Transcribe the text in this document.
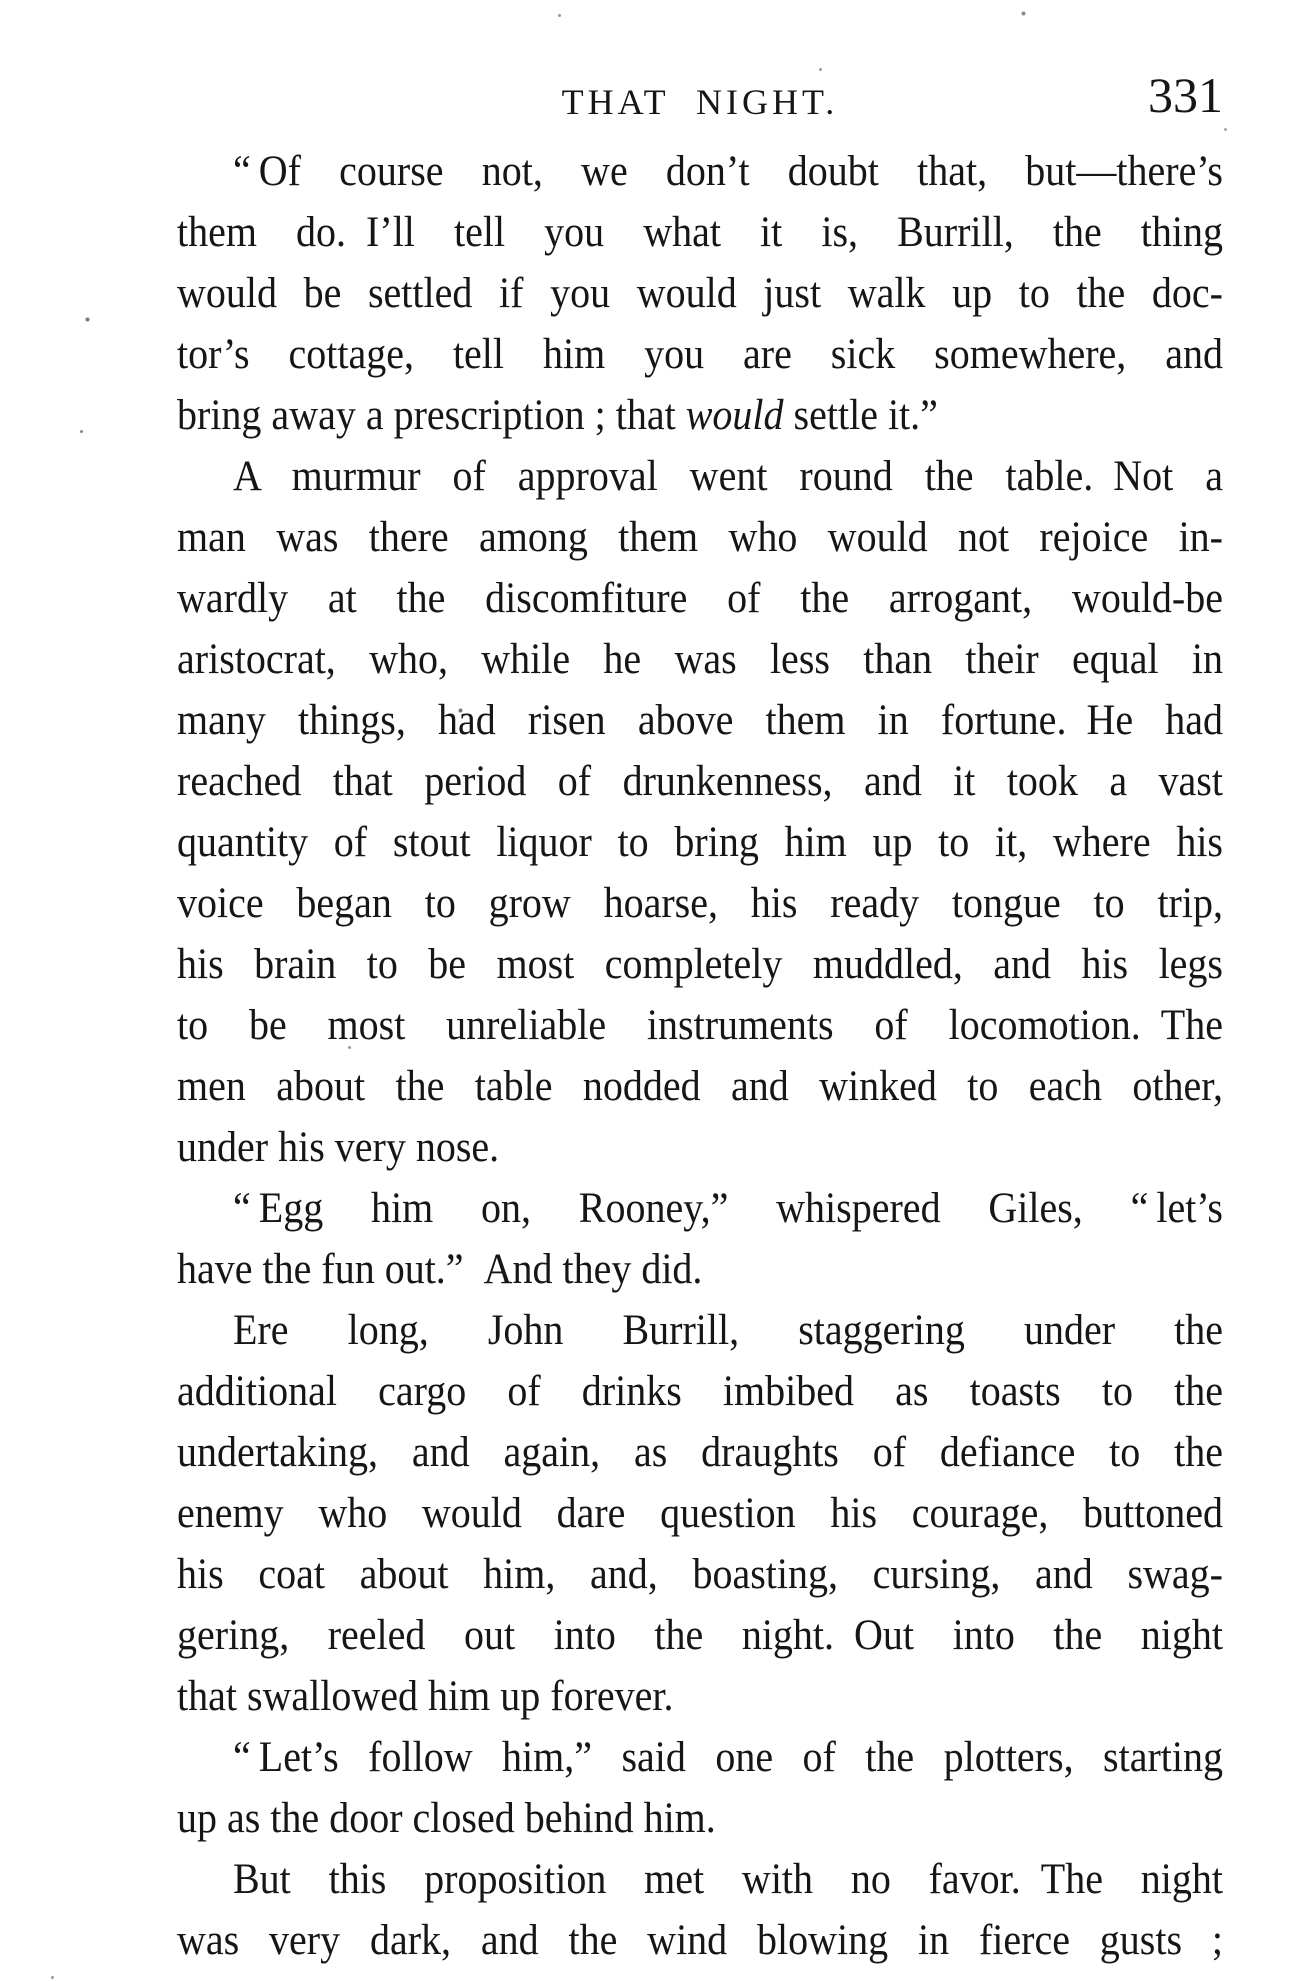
THAT NIGHT.	331
“ Of course not, we don’t doubt that, but—there’s
them do. I’ll tell you what it is, Burrill, the thing
would be settled if you would just walk up to the doc-
tor’s cottage, tell him you are sick somewhere, and
bring away a prescription ; that would settle it.”
A murmur of approval went round the table. Not a
man was there among them who would not rejoice in-
wardly at the discomfiture of the arrogant, would-be
aristocrat, who, while he was less than their equal in
many things, had risen above them in fortune. He had
reached that period of drunkenness, and it took a vast
quantity of stout liquor to bring him up to it, where his
voice began to grow hoarse, his ready tongue to trip,
his brain to be most completely muddled, and his legs
to be most unreliable instruments of locomotion. The
men about the table nodded and winked to each other,
under his very nose.
“ Egg him on, Rooney,” whispered Giles, “ let’s
have the fun out.” And they did.
Ere long, John Burrill, staggering under the
additional cargo of drinks imbibed as toasts to the
undertaking, and again, as draughts of defiance to the
enemy who would dare question his courage, buttoned
his coat about him, and, boasting, cursing, and swag-
gering, reeled out into the night. Out into the night
that swallowed him up forever.
“ Let’s follow him,” said one of the plotters, starting
up as the door closed behind him.
But this proposition met with no favor. The night
was very dark, and the wind blowing in fierce gusts ;
